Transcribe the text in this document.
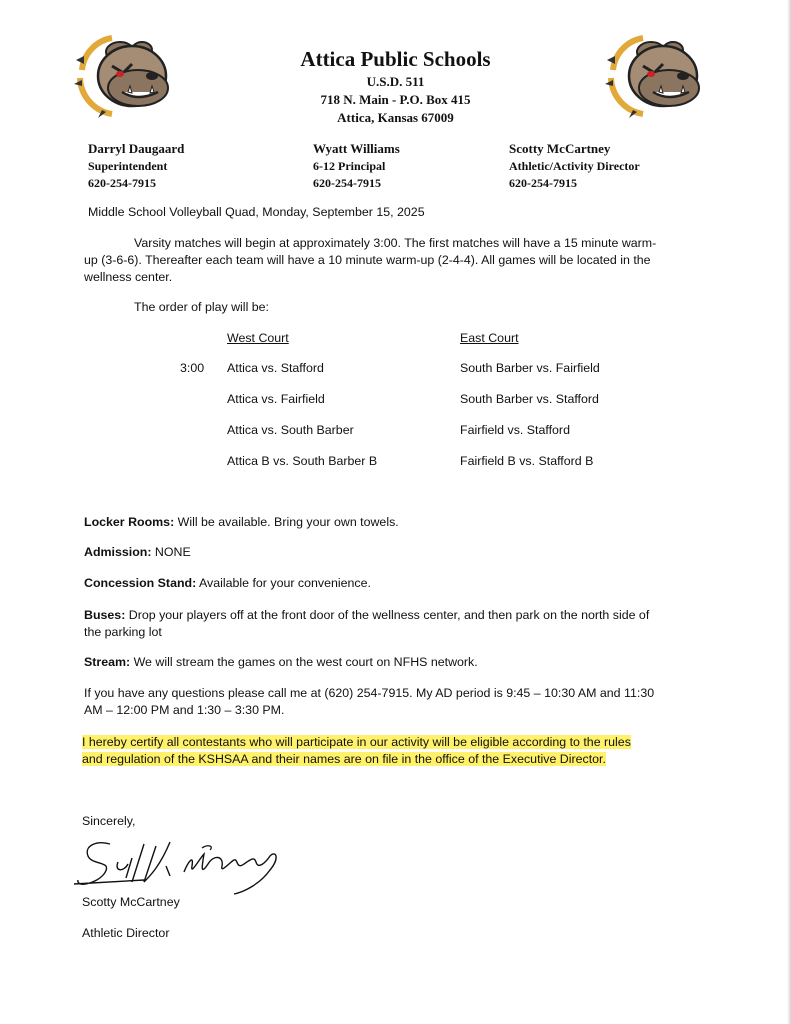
Attica Public Schools
U.S.D. 511
718 N. Main - P.O. Box 415
Attica, Kansas 67009
Darryl Daugaard
Superintendent
620-254-7915
Wyatt Williams
6-12 Principal
620-254-7915
Scotty McCartney
Athletic/Activity Director
620-254-7915
Middle School Volleyball Quad, Monday, September 15, 2025
Varsity matches will begin at approximately 3:00. The first matches will have a 15 minute warm-
up (3-6-6). Thereafter each team will have a 10 minute warm-up (2-4-4). All games will be located in the
wellness center.
The order of play will be:
West Court	East Court
3:00 Attica vs. Stafford	South Barber vs. Fairfield
Attica vs. Fairfield	South Barber vs. Stafford
Attica vs. South Barber	Fairfield vs. Stafford
Attica B vs. South Barber B	Fairfield B vs. Stafford B
Locker Rooms: Will be available. Bring your own towels.
Admission: NONE
Concession Stand: Available for your convenience.
Buses: Drop your players off at the front door of the wellness center, and then park on the north side of
the parking lot
Stream: We will stream the games on the west court on NFHS network.
If you have any questions please call me at (620) 254-7915. My AD period is 9:45 – 10:30 AM and 11:30
AM – 12:00 PM and 1:30 – 3:30 PM.
I hereby certify all contestants who will participate in our activity will be eligible according to the rules
and regulation of the KSHSAA and their names are on file in the office of the Executive Director.
Sincerely,
Scotty McCartney
Athletic Director
